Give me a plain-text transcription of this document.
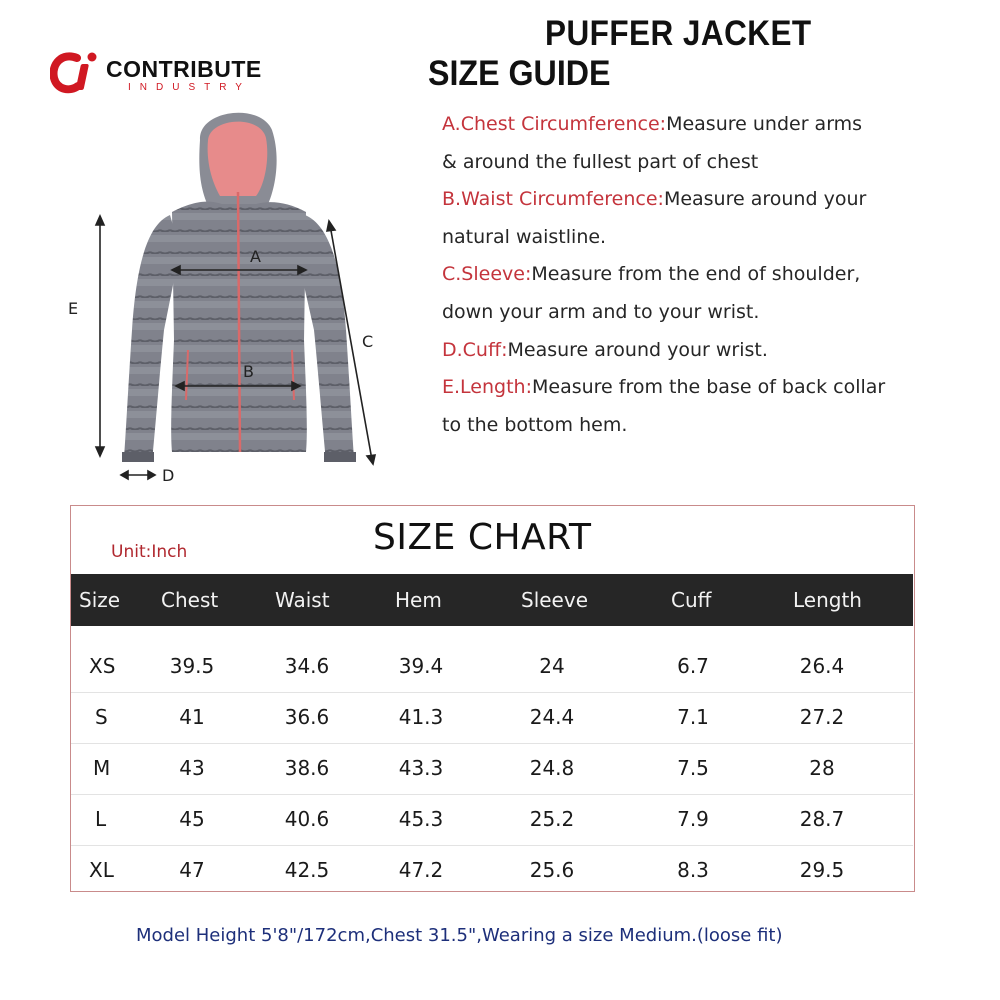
CONTRIBUTE
INDUSTRY
PUFFER JACKET
SIZE GUIDE
A
B
E
C
D
A.Chest Circumference:Measure under arms
& around the fullest part of chest
B.Waist Circumference:Measure around your
natural waistline.
C.Sleeve:Measure from the end of shoulder,
down your arm and to your wrist.
D.Cuff:Measure around your wrist.
E.Length:Measure from the base of back collar
to the bottom hem.
SIZE CHART
Unit:Inch
Size Chest	Waist	Hem	Sleeve	Cuff	Length
XS	39.5	34.6	39.4	24	6.7	26.4
S	41	36.6	41.3	24.4	7.1	27.2
M	43	38.6	43.3	24.8	7.5	28
L	45	40.6	45.3	25.2	7.9	28.7
XL	47	42.5	47.2	25.6	8.3	29.5
Model Height 5'8"/172cm,Chest 31.5",Wearing a size Medium.(loose fit)
